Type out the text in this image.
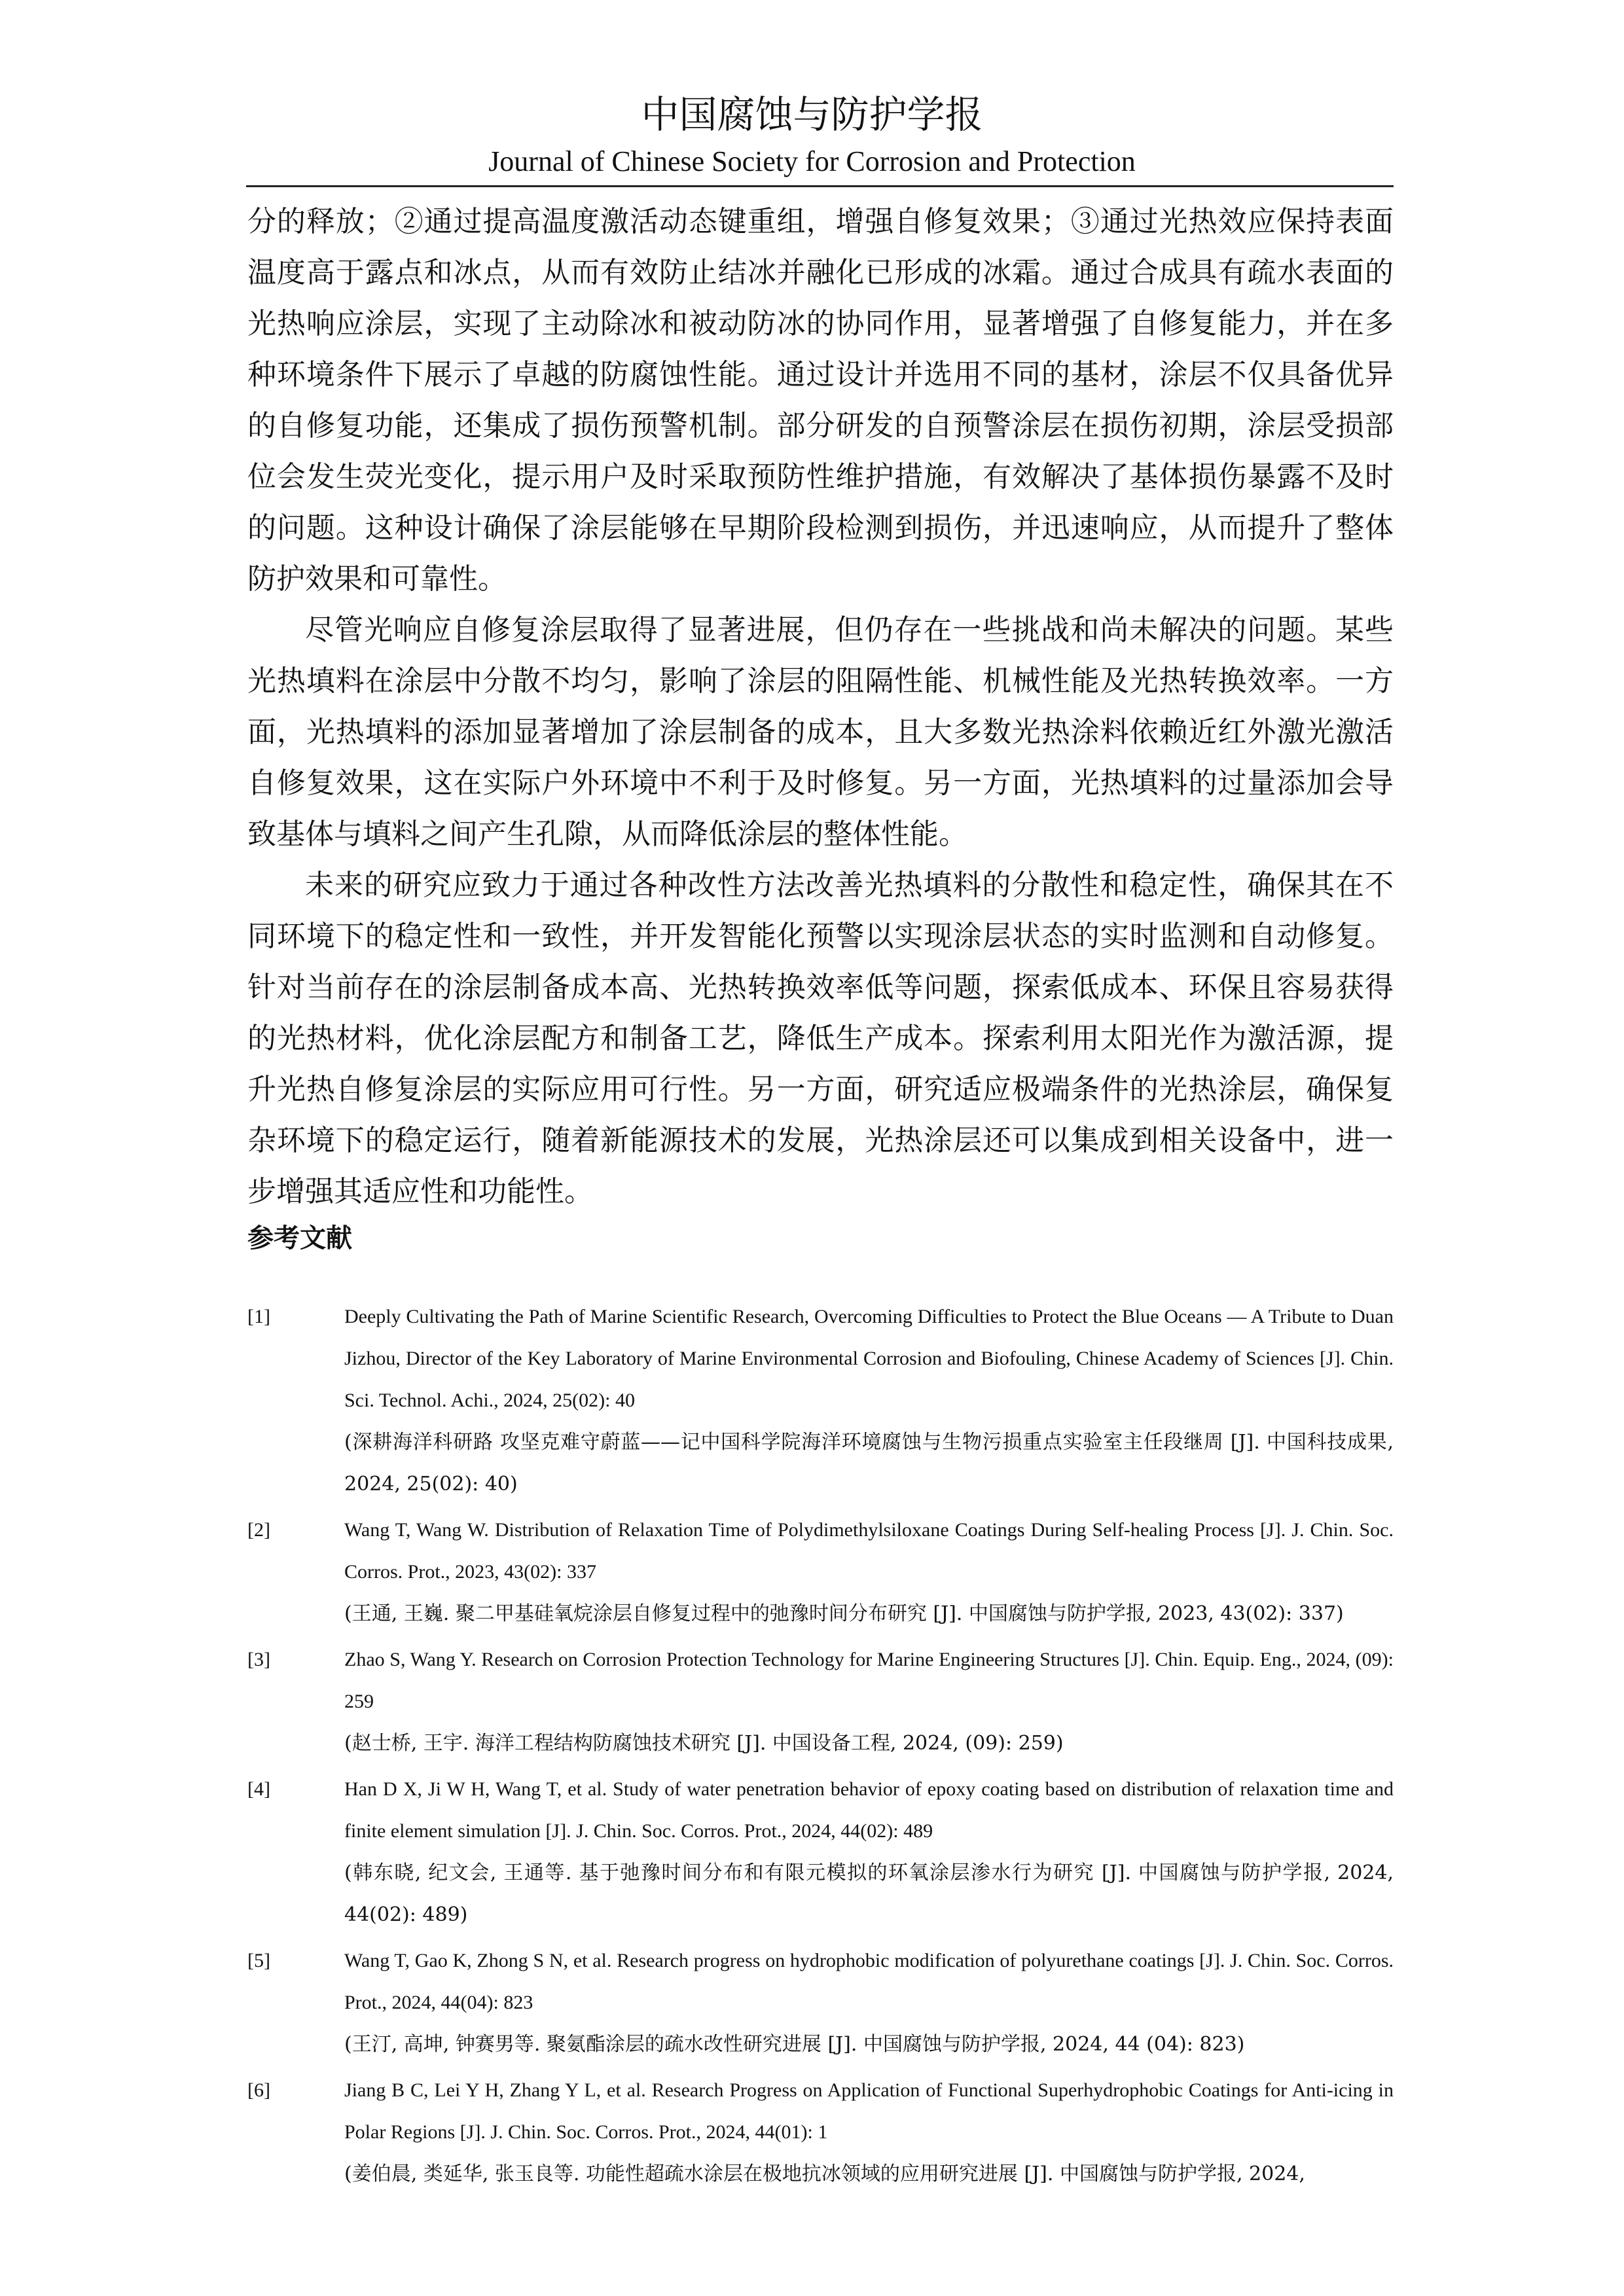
中国腐蚀与防护学报
Journal of Chinese Society for Corrosion and Protection

分的释放；②通过提高温度激活动态键重组，增强自修复效果；③通过光热效应保持表面温度高于露点和冰点，从而有效防止结冰并融化已形成的冰霜。通过合成具有疏水表面的光热响应涂层，实现了主动除冰和被动防冰的协同作用，显著增强了自修复能力，并在多种环境条件下展示了卓越的防腐蚀性能。通过设计并选用不同的基材，涂层不仅具备优异的自修复功能，还集成了损伤预警机制。部分研发的自预警涂层在损伤初期，涂层受损部位会发生荧光变化，提示用户及时采取预防性维护措施，有效解决了基体损伤暴露不及时的问题。这种设计确保了涂层能够在早期阶段检测到损伤，并迅速响应，从而提升了整体防护效果和可靠性。

尽管光响应自修复涂层取得了显著进展，但仍存在一些挑战和尚未解决的问题。某些光热填料在涂层中分散不均匀，影响了涂层的阻隔性能、机械性能及光热转换效率。一方面，光热填料的添加显著增加了涂层制备的成本，且大多数光热涂料依赖近红外激光激活自修复效果，这在实际户外环境中不利于及时修复。另一方面，光热填料的过量添加会导致基体与填料之间产生孔隙，从而降低涂层的整体性能。

未来的研究应致力于通过各种改性方法改善光热填料的分散性和稳定性，确保其在不同环境下的稳定性和一致性，并开发智能化预警以实现涂层状态的实时监测和自动修复。针对当前存在的涂层制备成本高、光热转换效率低等问题，探索低成本、环保且容易获得的光热材料，优化涂层配方和制备工艺，降低生产成本。探索利用太阳光作为激活源，提升光热自修复涂层的实际应用可行性。另一方面，研究适应极端条件的光热涂层，确保复杂环境下的稳定运行，随着新能源技术的发展，光热涂层还可以集成到相关设备中，进一步增强其适应性和功能性。

参考文献

[1]	Deeply Cultivating the Path of Marine Scientific Research, Overcoming Difficulties to Protect the Blue Oceans — A Tribute to Duan Jizhou, Director of the Key Laboratory of Marine Environmental Corrosion and Biofouling, Chinese Academy of Sciences [J]. Chin. Sci. Technol. Achi., 2024, 25(02): 40
(深耕海洋科研路 攻坚克难守蔚蓝——记中国科学院海洋环境腐蚀与生物污损重点实验室主任段继周 [J]. 中国科技成果, 2024, 25(02): 40)
[2]	Wang T, Wang W. Distribution of Relaxation Time of Polydimethylsiloxane Coatings During Self-healing Process [J]. J. Chin. Soc. Corros. Prot., 2023, 43(02): 337
(王通, 王巍. 聚二甲基硅氧烷涂层自修复过程中的弛豫时间分布研究 [J]. 中国腐蚀与防护学报, 2023, 43(02): 337)
[3]	Zhao S, Wang Y. Research on Corrosion Protection Technology for Marine Engineering Structures [J]. Chin. Equip. Eng., 2024, (09): 259
(赵士桥, 王宇. 海洋工程结构防腐蚀技术研究 [J]. 中国设备工程, 2024, (09): 259)
[4]	Han D X, Ji W H, Wang T, et al. Study of water penetration behavior of epoxy coating based on distribution of relaxation time and finite element simulation [J]. J. Chin. Soc. Corros. Prot., 2024, 44(02): 489
(韩东晓, 纪文会, 王通等. 基于弛豫时间分布和有限元模拟的环氧涂层渗水行为研究 [J]. 中国腐蚀与防护学报, 2024, 44(02): 489)
[5]	Wang T, Gao K, Zhong S N, et al. Research progress on hydrophobic modification of polyurethane coatings [J]. J. Chin. Soc. Corros. Prot., 2024, 44(04): 823
(王汀, 高坤, 钟赛男等. 聚氨酯涂层的疏水改性研究进展 [J]. 中国腐蚀与防护学报, 2024, 44 (04): 823)
[6]	Jiang B C, Lei Y H, Zhang Y L, et al. Research Progress on Application of Functional Superhydrophobic Coatings for Anti-icing in Polar Regions [J]. J. Chin. Soc. Corros. Prot., 2024, 44(01): 1
(姜伯晨, 类延华, 张玉良等. 功能性超疏水涂层在极地抗冰领域的应用研究进展 [J]. 中国腐蚀与防护学报, 2024,
